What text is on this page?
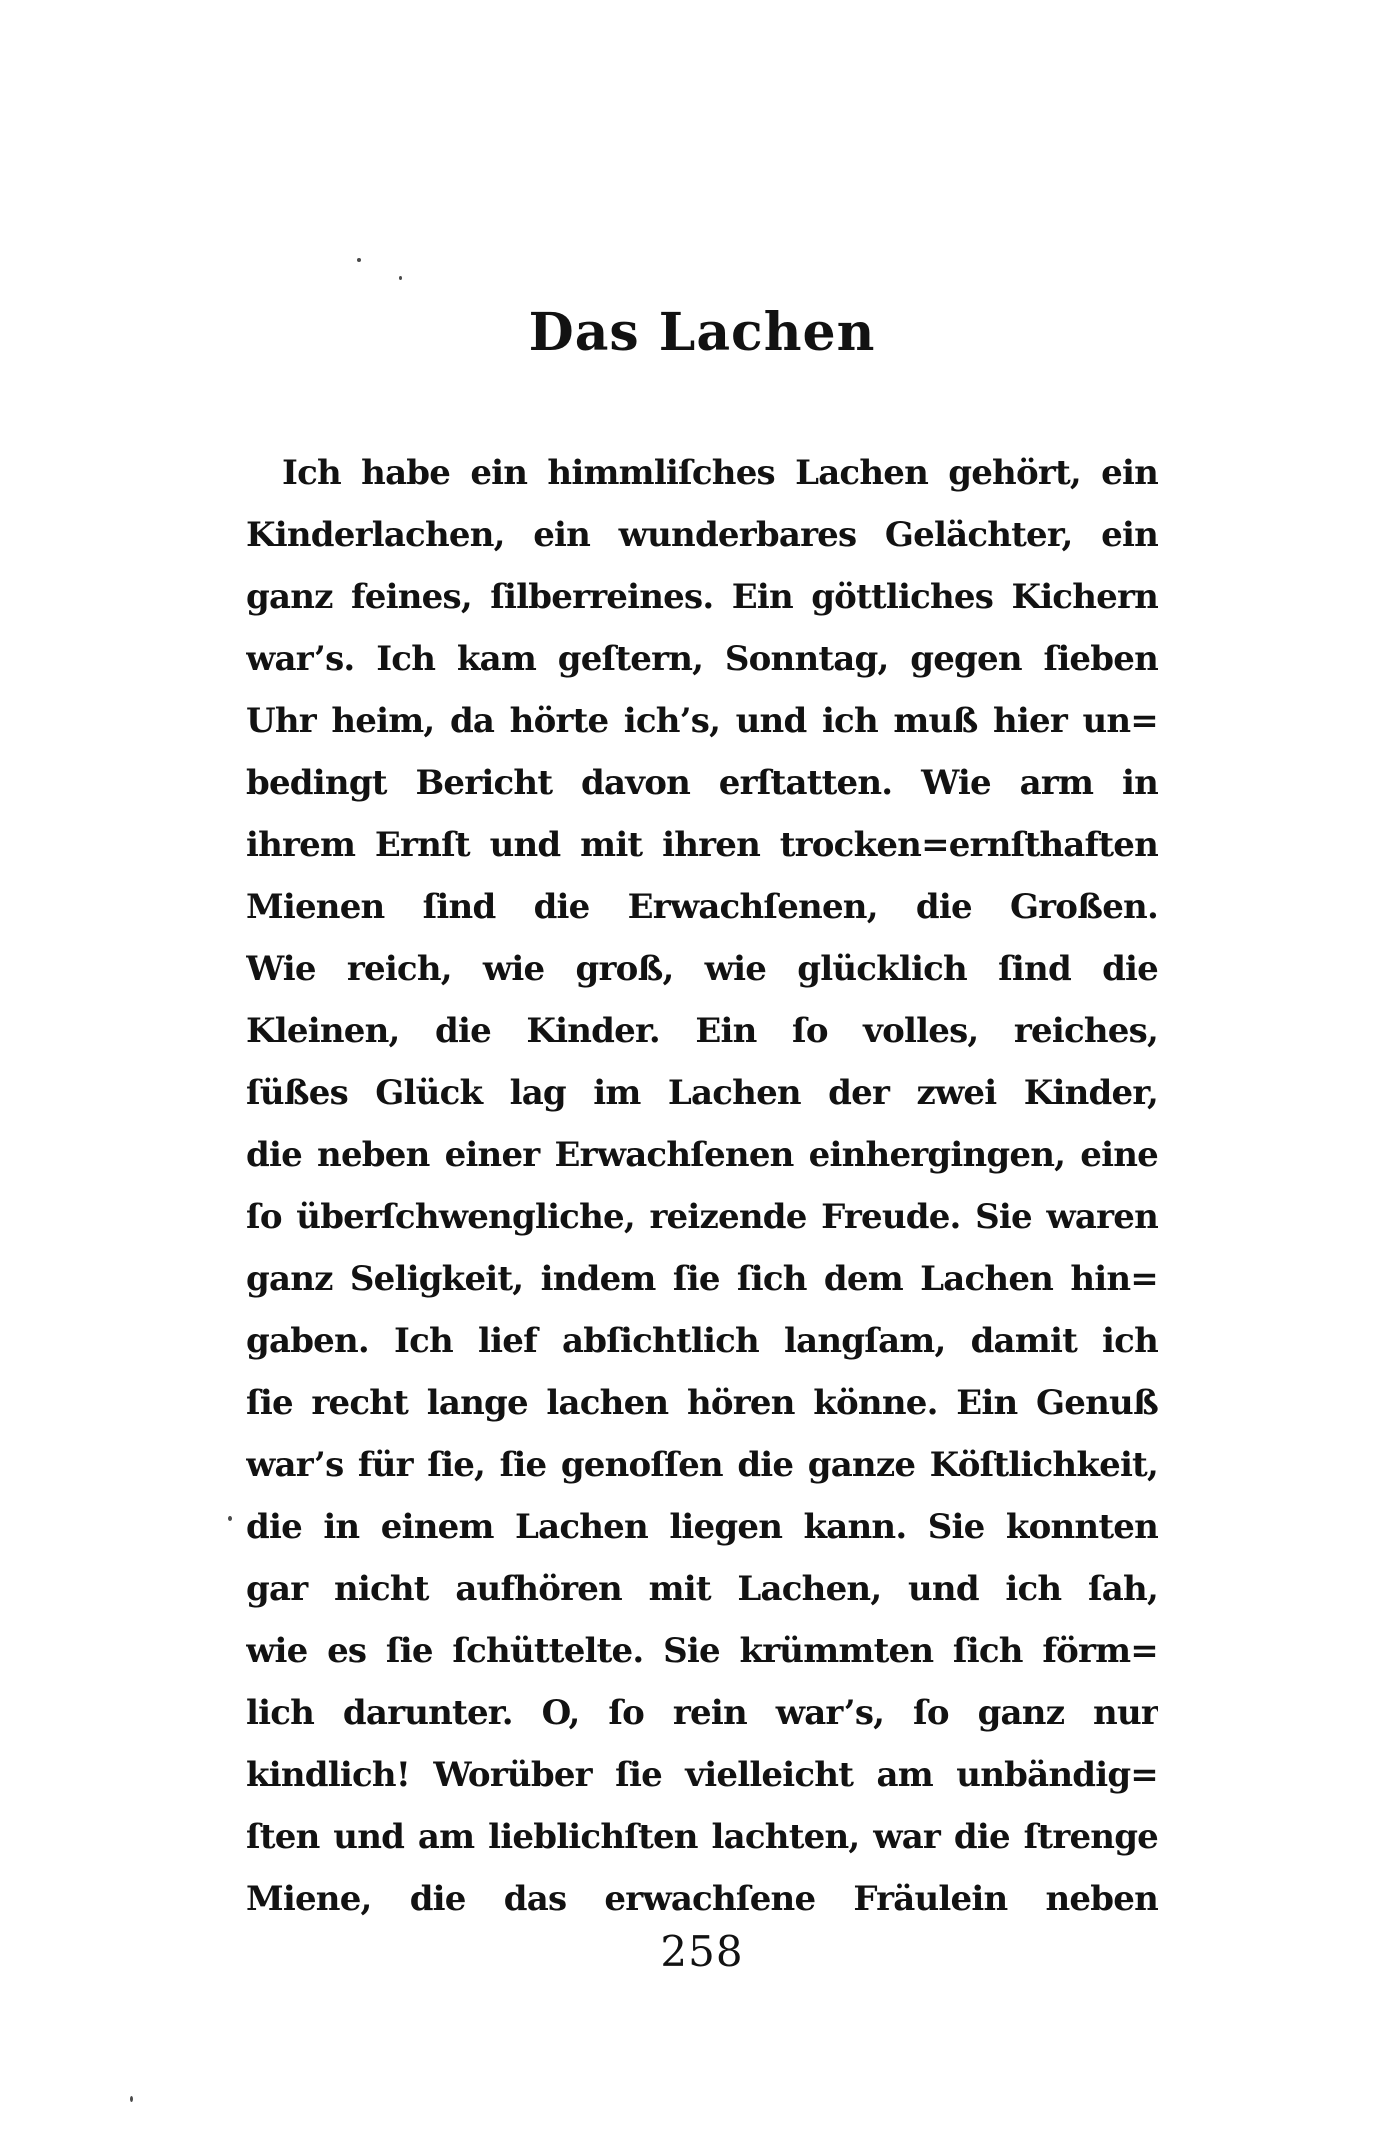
Das Lachen
Ich habe ein himmliſches Lachen gehört, ein
Kinderlachen, ein wunderbares Gelächter, ein
ganz feines, ſilberreines. Ein göttliches Kichern
war’s. Ich kam geſtern, Sonntag, gegen ſieben
Uhr heim, da hörte ich’s, und ich muß hier un=
bedingt Bericht davon erſtatten. Wie arm in
ihrem Ernſt und mit ihren trocken=ernſthaften
Mienen ſind die Erwachſenen, die Großen.
Wie reich, wie groß, wie glücklich ſind die
Kleinen, die Kinder. Ein ſo volles, reiches,
ſüßes Glück lag im Lachen der zwei Kinder,
die neben einer Erwachſenen einhergingen, eine
ſo überſchwengliche, reizende Freude. Sie waren
ganz Seligkeit, indem ſie ſich dem Lachen hin=
gaben. Ich lief abſichtlich langſam, damit ich
ſie recht lange lachen hören könne. Ein Genuß
war’s für ſie, ſie genoſſen die ganze Köſtlichkeit,
die in einem Lachen liegen kann. Sie konnten
gar nicht aufhören mit Lachen, und ich ſah,
wie es ſie ſchüttelte. Sie krümmten ſich förm=
lich darunter. O, ſo rein war’s, ſo ganz nur
kindlich! Worüber ſie vielleicht am unbändig=
ſten und am lieblichſten lachten, war die ſtrenge
Miene, die das erwachſene Fräulein neben
258
